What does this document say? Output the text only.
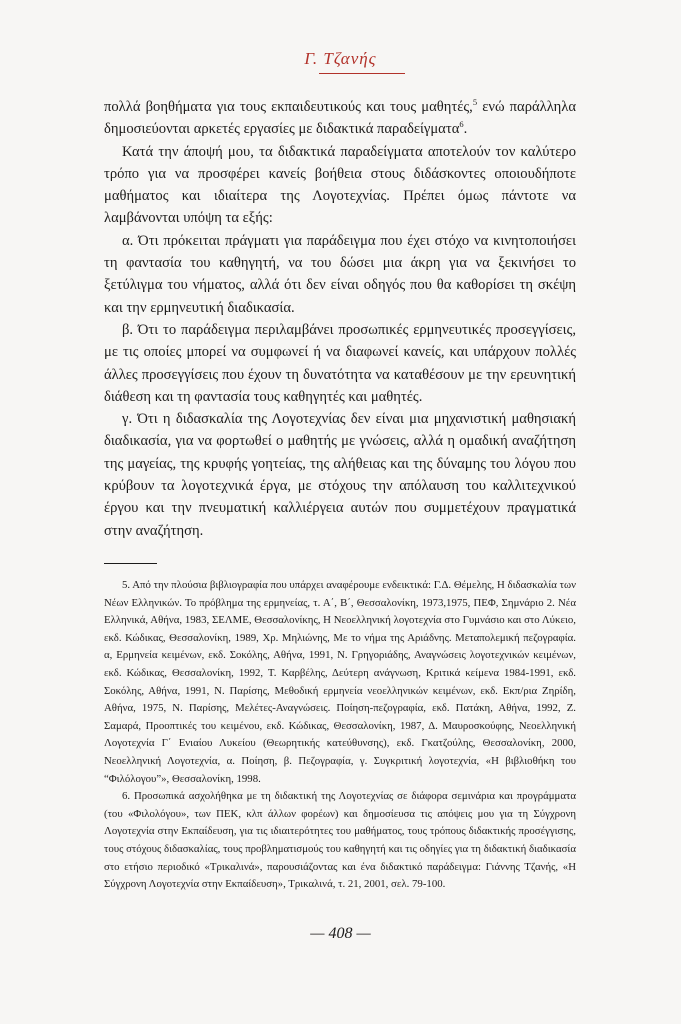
Γ. Τζανής

πολλά βοηθήματα για τους εκπαιδευτικούς και τους μαθητές,$^5$ ενώ παράλληλα δημοσιεύονται αρκετές εργασίες με διδακτικά παραδείγματα$^6$.

Κατά την άποψή μου, τα διδακτικά παραδείγματα αποτελούν τον καλύτερο τρόπο για να προσφέρει κανείς βοήθεια στους διδάσκοντες οποιουδήποτε μαθήματος και ιδιαίτερα της Λογοτεχνίας. Πρέπει όμως πάντοτε να λαμβάνονται υπόψη τα εξής:

α. Ότι πρόκειται πράγματι για παράδειγμα που έχει στόχο να κινητοποιήσει τη φαντασία του καθηγητή, να του δώσει μια άκρη για να ξεκινήσει το ξετύλιγμα του νήματος, αλλά ότι δεν είναι οδηγός που θα καθορίσει τη σκέψη και την ερμηνευτική διαδικασία.

β. Ότι το παράδειγμα περιλαμβάνει προσωπικές ερμηνευτικές προσεγγίσεις, με τις οποίες μπορεί να συμφωνεί ή να διαφωνεί κανείς, και υπάρχουν πολλές άλλες προσεγγίσεις που έχουν τη δυνατότητα να καταθέσουν με την ερευνητική διάθεση και τη φαντασία τους καθηγητές και μαθητές.

γ. Ότι η διδασκαλία της Λογοτεχνίας δεν είναι μια μηχανιστική μαθησιακή διαδικασία, για να φορτωθεί ο μαθητής με γνώσεις, αλλά η ομαδική αναζήτηση της μαγείας, της κρυφής γοητείας, της αλήθειας και της δύναμης του λόγου που κρύβουν τα λογοτεχνικά έργα, με στόχους την απόλαυση του καλλιτεχνικού έργου και την πνευματική καλλιέργεια αυτών που συμμετέχουν πραγματικά στην αναζήτηση.

5. Από την πλούσια βιβλιογραφία που υπάρχει αναφέρουμε ενδεικτικά: Γ.Δ. Θέμελης, Η διδασκαλία των Νέων Ελληνικών. Το πρόβλημα της ερμηνείας, τ. Α΄, Β΄, Θεσσαλονίκη, 1973,1975, ΠΕΦ, Σημνάριο 2. Νέα Ελληνικά, Αθήνα, 1983, ΣΕΛΜΕ, Θεσσαλονίκης, Η Νεοελληνική λογοτεχνία στο Γυμνάσιο και στο Λύκειο, εκδ. Κώδικας, Θεσσαλονίκη, 1989, Χρ. Μηλιώνης, Με το νήμα της Αριάδνης. Μεταπολεμική πεζογραφία. α, Ερμηνεία κειμένων, εκδ. Σοκόλης, Αθήνα, 1991, Ν. Γρηγοριάδης, Αναγνώσεις λογοτεχνικών κειμένων, εκδ. Κώδικας, Θεσσαλονίκη, 1992, Τ. Καρβέλης, Δεύτερη ανάγνωση, Κριτικά κείμενα 1984-1991, εκδ. Σοκόλης, Αθήνα, 1991, Ν. Παρίσης, Μεθοδική ερμηνεία νεοελληνικών κειμένων, εκδ. Εκπ/ρια Ζηρίδη, Αθήνα, 1975, Ν. Παρίσης, Μελέτες-Αναγνώσεις. Ποίηση-πεζογραφία, εκδ. Πατάκη, Αθήνα, 1992, Ζ. Σαμαρά, Προοπτικές του κειμένου, εκδ. Κώδικας, Θεσσαλονίκη, 1987, Δ. Μαυροσκούφης, Νεοελληνική Λογοτεχνία Γ΄ Ενιαίου Λυκείου (Θεωρητικής κατεύθυνσης), εκδ. Γκατζούλης, Θεσσαλονίκη, 2000, Νεοελληνική Λογοτεχνία, α. Ποίηση, β. Πεζογραφία, γ. Συγκριτική λογοτεχνία, «Η βιβλιοθήκη του “Φιλόλογου”», Θεσσαλονίκη, 1998.

6. Προσωπικά ασχολήθηκα με τη διδακτική της Λογοτεχνίας σε διάφορα σεμινάρια και προγράμματα (του «Φιλολόγου», των ΠΕΚ, κλπ άλλων φορέων) και δημοσίευσα τις απόψεις μου για τη Σύγχρονη Λογοτεχνία στην Εκπαίδευση, για τις ιδιαιτερότητες του μαθήματος, τους τρόπους διδακτικής προσέγγισης, τους στόχους διδασκαλίας, τους προβληματισμούς του καθηγητή και τις οδηγίες για τη διδακτική διαδικασία στο ετήσιο περιοδικό «Τρικαλινά», παρουσιάζοντας και ένα διδακτικό παράδειγμα: Γιάννης Τζανής, «Η Σύγχρονη Λογοτεχνία στην Εκπαίδευση», Τρικαλινά, τ. 21, 2001, σελ. 79-100.

— 408 —
